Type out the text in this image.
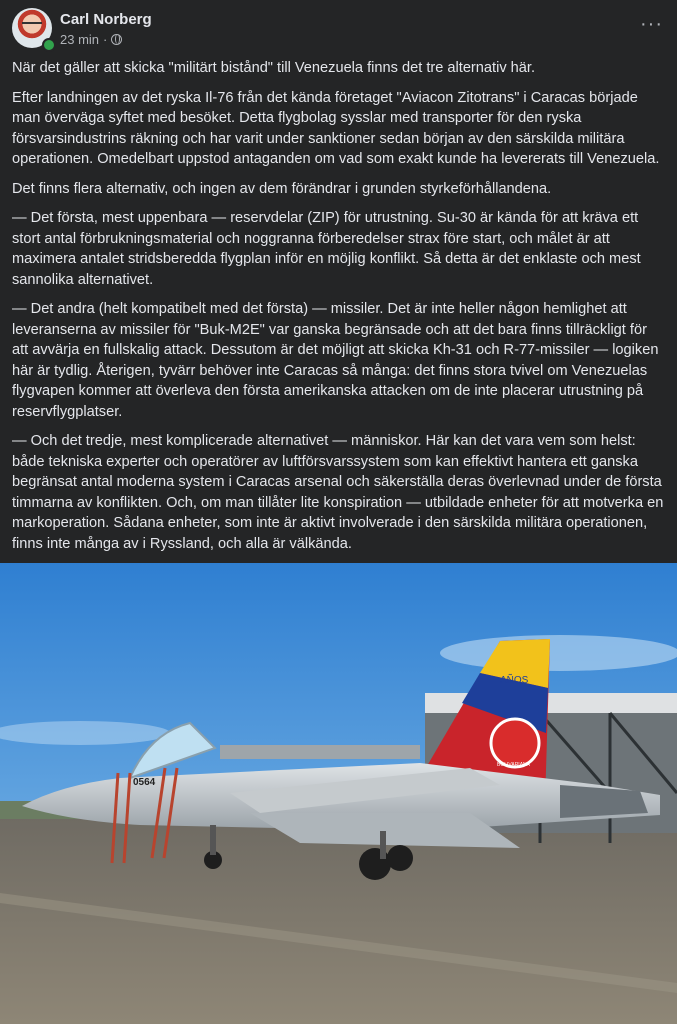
Carl Norberg
23 min ·
···

När det gäller att skicka "militärt bistånd" till Venezuela finns det tre alternativ här.

Efter landningen av det ryska Il-76 från det kända företaget "Aviacon Zitotrans" i Caracas började man överväga syftet med besöket. Detta flygbolag sysslar med transporter för den ryska försvarsindustrins räkning och har varit under sanktioner sedan början av den särskilda militära operationen. Omedelbart uppstod antaganden om vad som exakt kunde ha levererats till Venezuela.

Det finns flera alternativ, och ingen av dem förändrar i grunden styrkeförhållandena.

— Det första, mest uppenbara — reservdelar (ZIP) för utrustning. Su-30 är kända för att kräva ett stort antal förbrukningsmaterial och noggranna förberedelser strax före start, och målet är att maximera antalet stridsberedda flygplan inför en möjlig konflikt. Så detta är det enklaste och mest sannolika alternativet.

— Det andra (helt kompatibelt med det första) — missiler. Det är inte heller någon hemlighet att leveranserna av missiler för "Buk-M2E" var ganska begränsade och att det bara finns tillräckligt för att avvärja en fullskalig attack. Dessutom är det möjligt att skicka Kh-31 och R-77-missiler — logiken här är tydlig. Återigen, tyvärr behöver inte Caracas så många: det finns stora tvivel om Venezuelas flygvapen kommer att överleva den första amerikanska attacken om de inte placerar utrustning på reservflygplatser.

— Och det tredje, mest komplicerade alternativet — människor. Här kan det vara vem som helst: både tekniska experter och operatörer av luftförsvarssystem som kan effektivt hantera ett ganska begränsat antal moderna system i Caracas arsenal och säkerställa deras överlevnad under de första timmarna av konflikten. Och, om man tillåter lite konspiration — utbildade enheter för att motverka en markoperation. Sådana enheter, som inte är aktivt involverade i den särskilda militära operationen, finns inte många av i Ryssland, och alla är välkända.

AÑOS
BOLIVARIANA
0564
